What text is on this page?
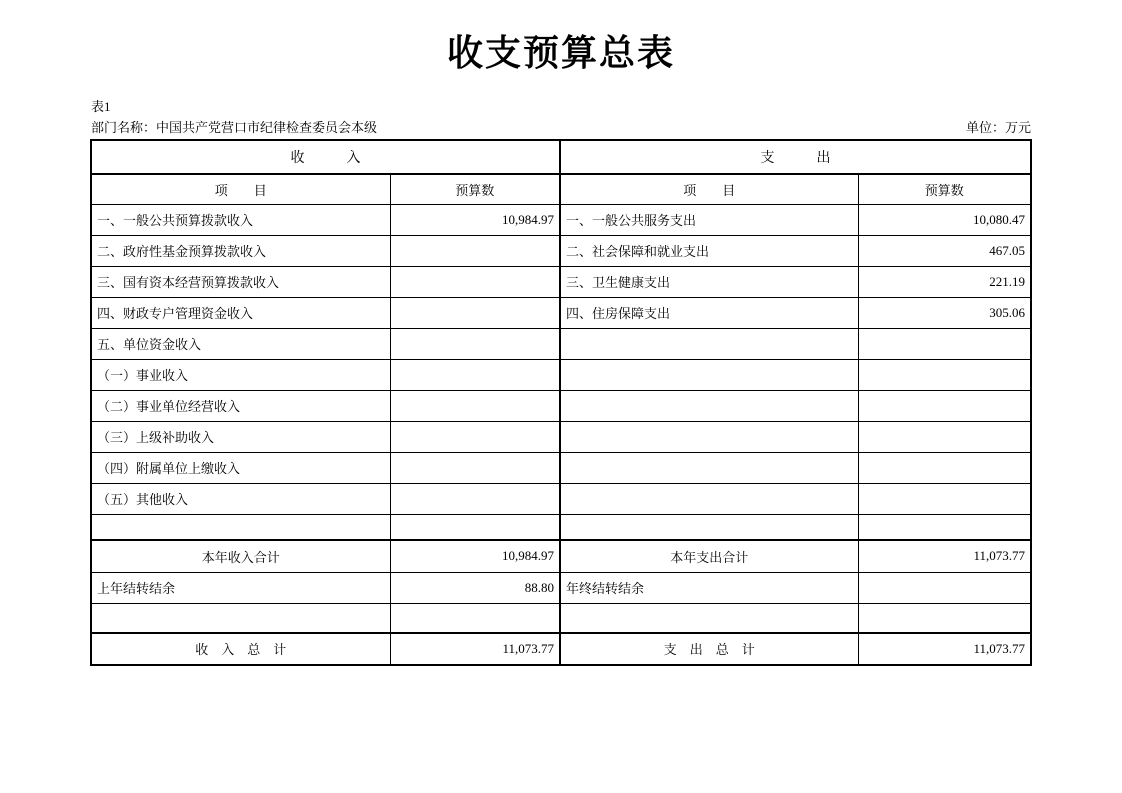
收支预算总表
表1
部门名称：中国共产党营口市纪律检查委员会本级	单位：万元
收　　　入		支　　　出	
项　　目	预算数	项　　目	预算数
一、一般公共预算拨款收入	10,984.97	一、一般公共服务支出	10,080.47
二、政府性基金预算拨款收入		二、社会保障和就业支出	467.05
三、国有资本经营预算拨款收入		三、卫生健康支出	221.19
四、财政专户管理资金收入		四、住房保障支出	305.06
五、单位资金收入			
（一）事业收入			
（二）事业单位经营收入			
（三）上级补助收入			
（四）附属单位上缴收入			
（五）其他收入			

本年收入合计	10,984.97	本年支出合计	11,073.77
上年结转结余	88.80	年终结转结余	

收　入　总　计	11,073.77	支　出　总　计	11,073.77
